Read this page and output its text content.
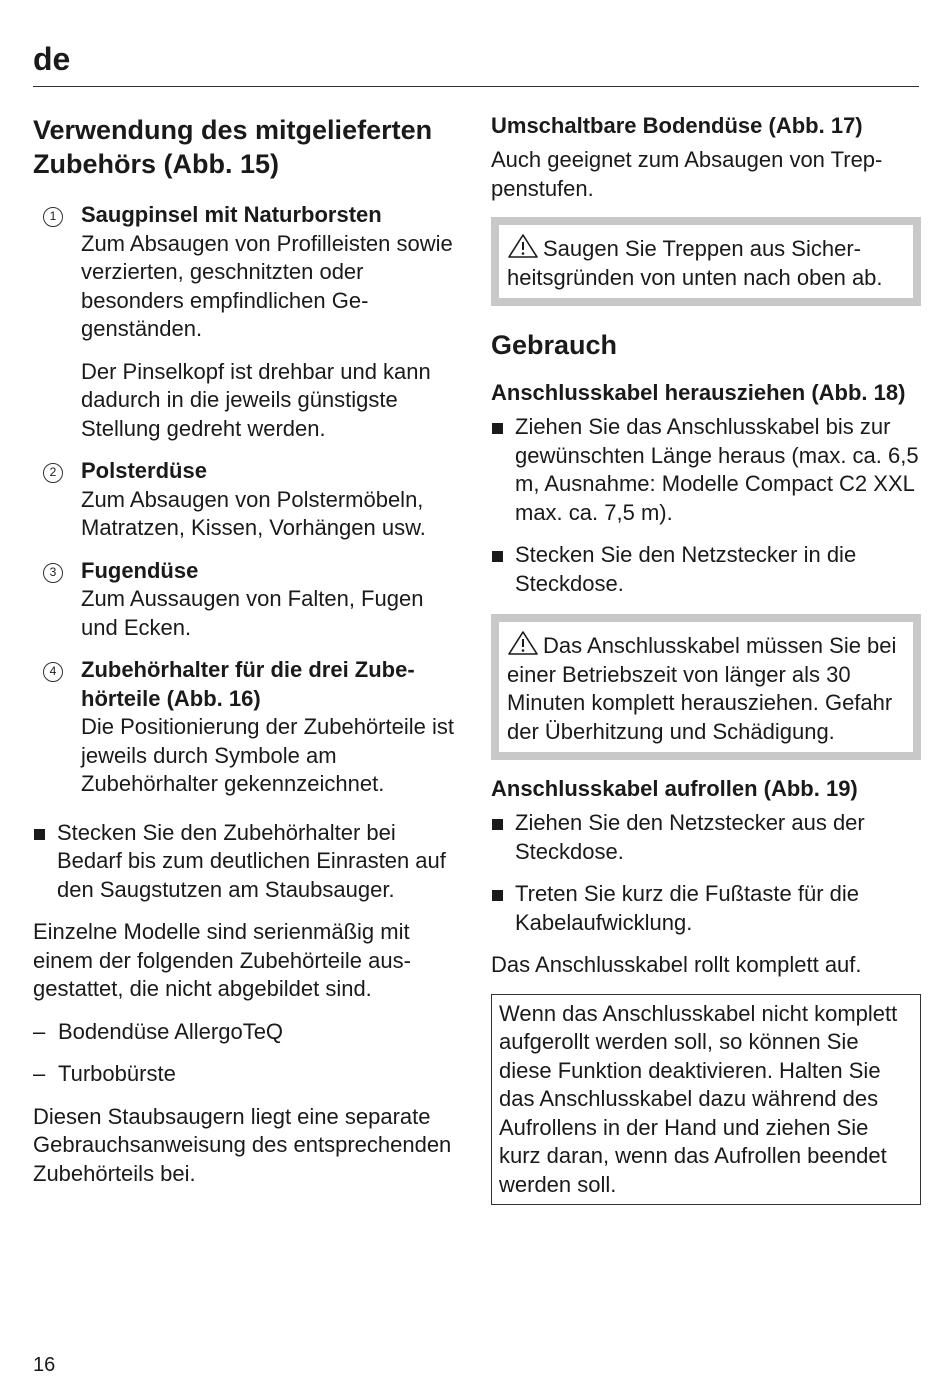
de
Verwendung des mitgelieferten Zubehörs (Abb. 15)
1	Saugpinsel mit Naturborsten
Zum Absaugen von Profilleisten sowie verzierten, geschnitzten oder besonders empfindlichen Gegenständen.

Der Pinselkopf ist drehbar und kann dadurch in die jeweils günstigste Stellung gedreht werden.

2	Polsterdüse
Zum Absaugen von Polstermöbeln, Matratzen, Kissen, Vorhängen usw.

3	Fugendüse
Zum Aussaugen von Falten, Fugen und Ecken.

4	Zubehörhalter für die drei Zubehörteile (Abb. 16)
Die Positionierung der Zubehörteile ist jeweils durch Symbole am Zubehörhalter gekennzeichnet.

Stecken Sie den Zubehörhalter bei Bedarf bis zum deutlichen Einrasten auf den Saugstutzen am Staubsauger.

Einzelne Modelle sind serienmäßig mit einem der folgenden Zubehörteile ausgestattet, die nicht abgebildet sind.

– Bodendüse AllergoTeQ
– Turbobürste

Diesen Staubsaugern liegt eine separate Gebrauchsanweisung des entsprechenden Zubehörteils bei.

Umschaltbare Bodendüse (Abb. 17)

Auch geeignet zum Absaugen von Treppenstufen.

Saugen Sie Treppen aus Sicherheitsgründen von unten nach oben ab.
Gebrauch
Anschlusskabel herausziehen (Abb. 18)
Ziehen Sie das Anschlusskabel bis zur gewünschten Länge heraus (max. ca. 6,5 m, Ausnahme: Modelle Compact C2 XXL max. ca. 7,5 m).
Stecken Sie den Netzstecker in die Steckdose.
Das Anschlusskabel müssen Sie bei einer Betriebszeit von länger als 30 Minuten komplett herausziehen. Gefahr der Überhitzung und Schädigung.
Anschlusskabel aufrollen (Abb. 19)
Ziehen Sie den Netzstecker aus der Steckdose.
Treten Sie kurz die Fußtaste für die Kabelaufwicklung.

Das Anschlusskabel rollt komplett auf.

Wenn das Anschlusskabel nicht komplett aufgerollt werden soll, so können Sie diese Funktion deaktivieren. Halten Sie das Anschlusskabel dazu während des Aufrollens in der Hand und ziehen Sie kurz daran, wenn das Aufrollen beendet werden soll.
16
